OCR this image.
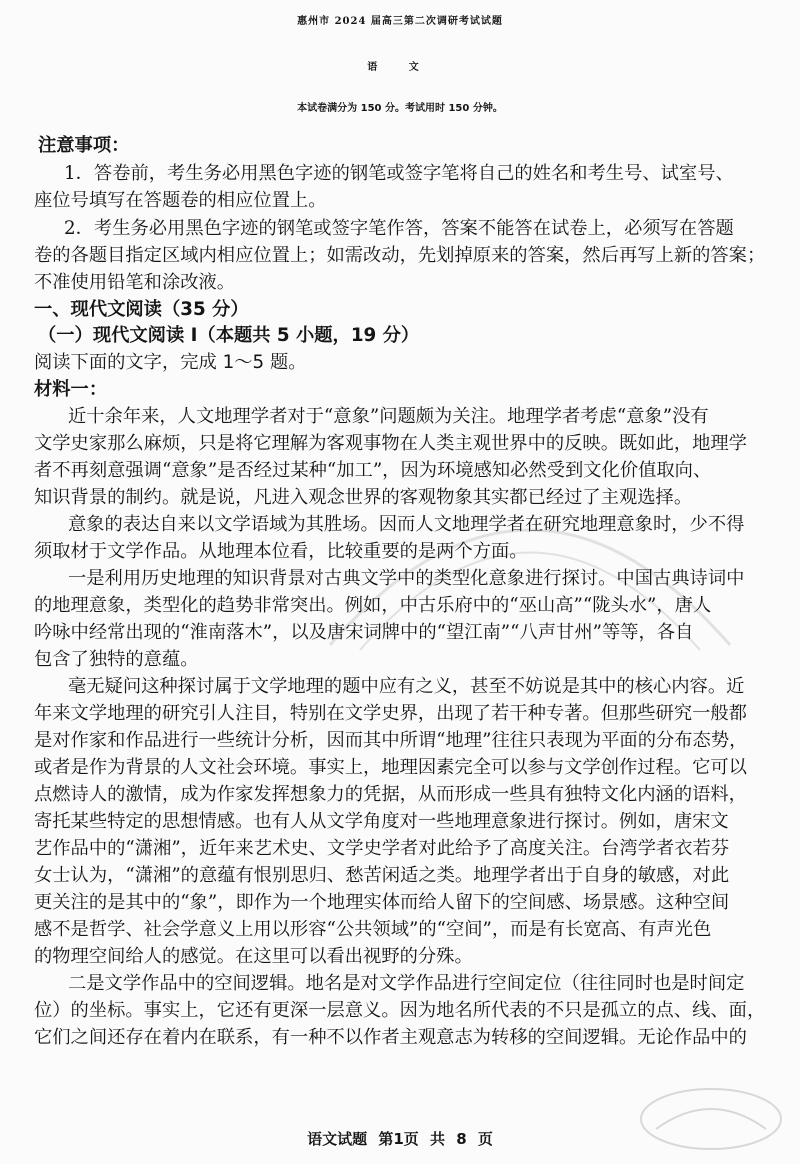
惠州市 2024 届高三第二次调研考试试题
语 文
本试卷满分为 150 分。考试用时 150 分钟。
注意事项：
1．答卷前，考生务必用黑色字迹的钢笔或签字笔将自己的姓名和考生号、试室号、
座位号填写在答题卷的相应位置上。
2．考生务必用黑色字迹的钢笔或签字笔作答，答案不能答在试卷上，必须写在答题
卷的各题目指定区域内相应位置上；如需改动，先划掉原来的答案，然后再写上新的答案；
不准使用铅笔和涂改液。
一、现代文阅读（35 分）
（一）现代文阅读 I（本题共 5 小题，19 分）
阅读下面的文字，完成 1～5 题。
材料一：
近十余年来，人文地理学者对于“意象”问题颇为关注。地理学者考虑“意象”没有
文学史家那么麻烦，只是将它理解为客观事物在人类主观世界中的反映。既如此，地理学
者不再刻意强调“意象”是否经过某种“加工”，因为环境感知必然受到文化价值取向、
知识背景的制约。就是说，凡进入观念世界的客观物象其实都已经过了主观选择。
意象的表达自来以文学语域为其胜场。因而人文地理学者在研究地理意象时，少不得
须取材于文学作品。从地理本位看，比较重要的是两个方面。
一是利用历史地理的知识背景对古典文学中的类型化意象进行探讨。中国古典诗词中
的地理意象，类型化的趋势非常突出。例如，中古乐府中的“巫山高”“陇头水”，唐人
吟咏中经常出现的“淮南落木”，以及唐宋词牌中的“望江南”“八声甘州”等等，各自
包含了独特的意蕴。
毫无疑问这种探讨属于文学地理的题中应有之义，甚至不妨说是其中的核心内容。近
年来文学地理的研究引人注目，特别在文学史界，出现了若干种专著。但那些研究一般都
是对作家和作品进行一些统计分析，因而其中所谓“地理”往往只表现为平面的分布态势，
或者是作为背景的人文社会环境。事实上，地理因素完全可以参与文学创作过程。它可以
点燃诗人的激情，成为作家发挥想象力的凭据，从而形成一些具有独特文化内涵的语料，
寄托某些特定的思想情感。也有人从文学角度对一些地理意象进行探讨。例如，唐宋文
艺作品中的“潇湘”，近年来艺术史、文学史学者对此给予了高度关注。台湾学者衣若芬
女士认为，“潇湘”的意蕴有恨别思归、愁苦闲适之类。地理学者出于自身的敏感，对此
更关注的是其中的“象”，即作为一个地理实体而给人留下的空间感、场景感。这种空间
感不是哲学、社会学意义上用以形容“公共领域”的“空间”，而是有长宽高、有声光色
的物理空间给人的感觉。在这里可以看出视野的分殊。
二是文学作品中的空间逻辑。地名是对文学作品进行空间定位（往往同时也是时间定
位）的坐标。事实上，它还有更深一层意义。因为地名所代表的不只是孤立的点、线、面，
它们之间还存在着内在联系，有一种不以作者主观意志为转移的空间逻辑。无论作品中的
语文试题 第1页 共 8 页
